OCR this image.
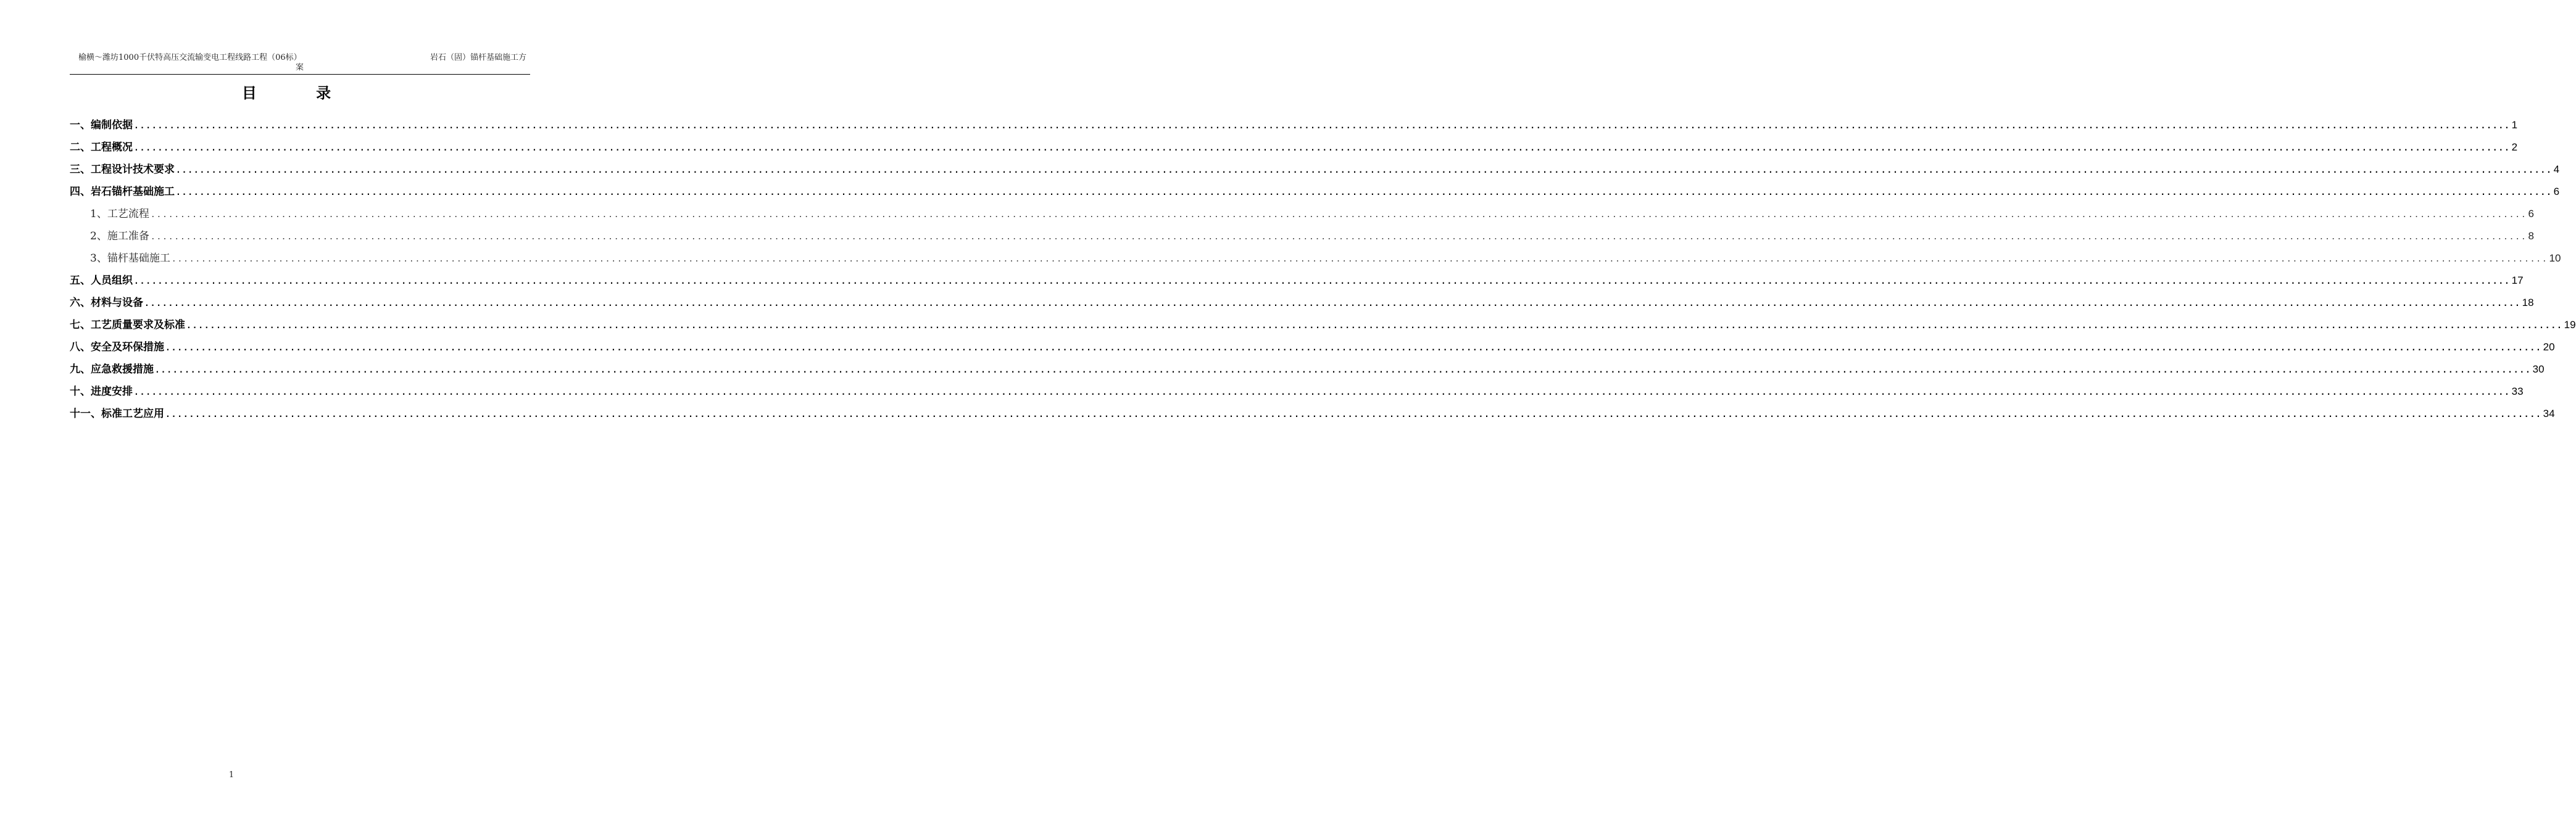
榆横～潍坊1000千伏特高压交流输变电工程线路工程（06标）	岩石（固）锚杆基础施工方
案
目 录
一、编制依据 ................................................................................................................................................................................................................................................................................................................................................................................................................ 1
二、工程概况 ................................................................................................................................................................................................................................................................................................................................................................................................................ 2
三、工程设计技术要求 ................................................................................................................................................................................................................................................................................................................................................................................................................ 4
四、岩石锚杆基础施工 ................................................................................................................................................................................................................................................................................................................................................................................................................ 6
1、工艺流程 ................................................................................................................................................................................................................................................................................................................................................................................................................ 6
2、施工准备 ................................................................................................................................................................................................................................................................................................................................................................................................................ 8
3、锚杆基础施工 ................................................................................................................................................................................................................................................................................................................................................................................................................ 10
五、人员组织 ................................................................................................................................................................................................................................................................................................................................................................................................................ 17
六、材料与设备 ................................................................................................................................................................................................................................................................................................................................................................................................................ 18
七、工艺质量要求及标准 ................................................................................................................................................................................................................................................................................................................................................................................................................ 19
八、安全及环保措施 ................................................................................................................................................................................................................................................................................................................................................................................................................ 20
九、应急救援措施 ................................................................................................................................................................................................................................................................................................................................................................................................................ 30
十、进度安排 ................................................................................................................................................................................................................................................................................................................................................................................................................ 33
十一、标准工艺应用 ................................................................................................................................................................................................................................................................................................................................................................................................................ 34
1
